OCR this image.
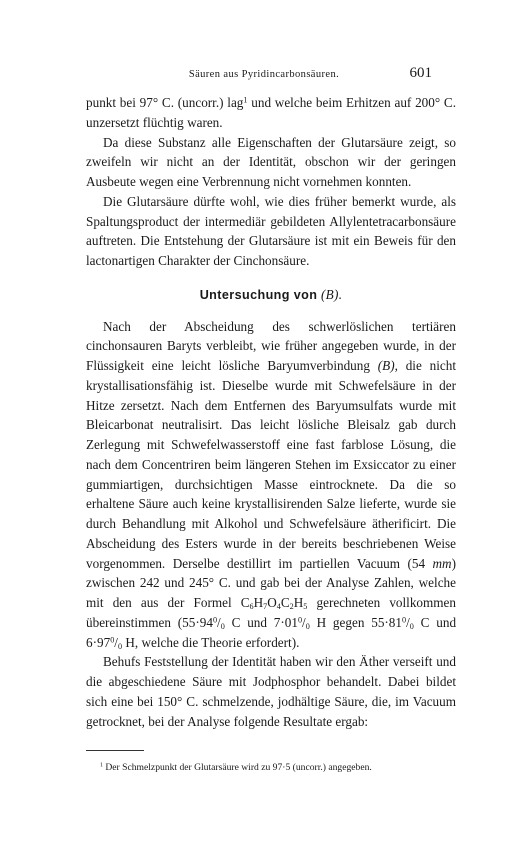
Säuren aus Pyridincarbonsäuren.	601

punkt bei 97° C. (uncorr.) lag$^1$ und welche beim Erhitzen auf 200° C. unzersetzt flüchtig waren.

Da diese Substanz alle Eigenschaften der Glutarsäure zeigt, so zweifeln wir nicht an der Identität, obschon wir der geringen Ausbeute wegen eine Verbrennung nicht vornehmen konnten.

Die Glutarsäure dürfte wohl, wie dies früher bemerkt wurde, als Spaltungsproduct der intermediär gebildeten Allylentetracarbonsäure auftreten. Die Entstehung der Glutarsäure ist mit ein Beweis für den lactonartigen Charakter der Cinchonsäure.

Untersuchung von (B).

Nach der Abscheidung des schwerlöslichen tertiären cinchonsauren Baryts verbleibt, wie früher angegeben wurde, in der Flüssigkeit eine leicht lösliche Baryumverbindung (B), die nicht krystallisationsfähig ist. Dieselbe wurde mit Schwefelsäure in der Hitze zersetzt. Nach dem Entfernen des Baryumsulfats wurde mit Bleicarbonat neutralisirt. Das leicht lösliche Bleisalz gab durch Zerlegung mit Schwefelwasserstoff eine fast farblose Lösung, die nach dem Concentriren beim längeren Stehen im Exsiccator zu einer gummiartigen, durchsichtigen Masse eintrocknete. Da die so erhaltene Säure auch keine krystallisirenden Salze lieferte, wurde sie durch Behandlung mit Alkohol und Schwefelsäure ätherificirt. Die Abscheidung des Esters wurde in der bereits beschriebenen Weise vorgenommen. Derselbe destillirt im partiellen Vacuum (54 mm) zwischen 242 und 245° C. und gab bei der Analyse Zahlen, welche mit den aus der Formel $C_6H_7O_4C_2H_5$ gerechneten vollkommen übereinstimmen ($55\cdot 94^0/_0$ C und $7\cdot 01^0/_0$ H gegen $55\cdot 81^0/_0$ C und $6\cdot 97^0/_0$ H, welche die Theorie erfordert).

Behufs Feststellung der Identität haben wir den Äther verseift und die abgeschiedene Säure mit Jodphosphor behandelt. Dabei bildet sich eine bei 150° C. schmelzende, jodhältige Säure, die, im Vacuum getrocknet, bei der Analyse folgende Resultate ergab:

$^1$ Der Schmelzpunkt der Glutarsäure wird zu 97·5 (uncorr.) angegeben.
